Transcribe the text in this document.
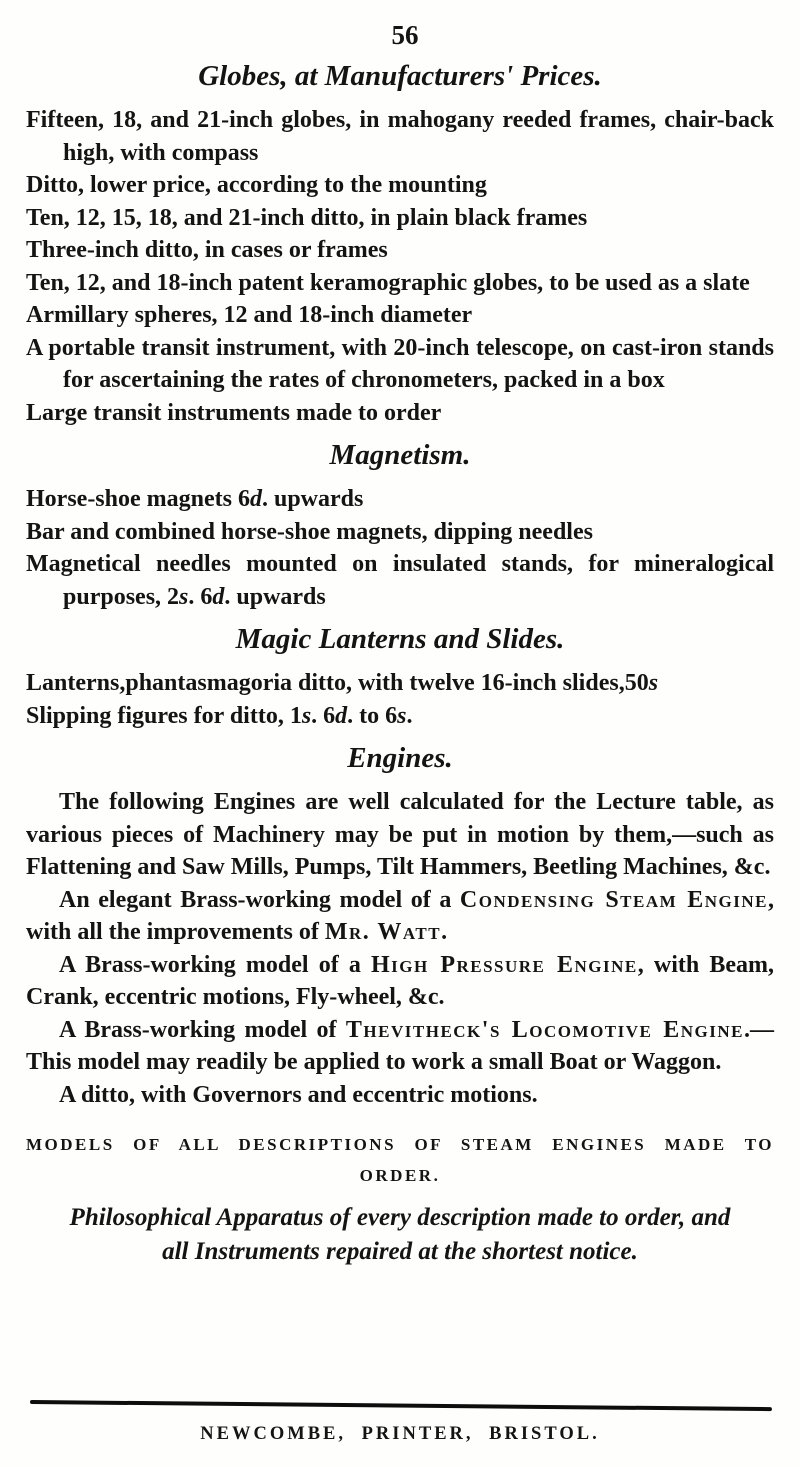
56
Globes, at Manufacturers' Prices.
Fifteen, 18, and 21-inch globes, in mahogany reeded frames, chair-back high, with compass
Ditto, lower price, according to the mounting
Ten, 12, 15, 18, and 21-inch ditto, in plain black frames
Three-inch ditto, in cases or frames
Ten, 12, and 18-inch patent keramographic globes, to be used as a slate
Armillary spheres, 12 and 18-inch diameter
A portable transit instrument, with 20-inch telescope, on cast-iron stands for ascertaining the rates of chronometers, packed in a box
Large transit instruments made to order
Magnetism.
Horse-shoe magnets 6d. upwards
Bar and combined horse-shoe magnets, dipping needles
Magnetical needles mounted on insulated stands, for mineralogical purposes, 2s. 6d. upwards
Magic Lanterns and Slides.
Lanterns,phantasmagoria ditto, with twelve 16-inch slides,50s
Slipping figures for ditto, 1s. 6d. to 6s.
Engines.

The following Engines are well calculated for the Lecture table, as various pieces of Machinery may be put in motion by them,—such as Flattening and Saw Mills, Pumps, Tilt Hammers, Beetling Machines, &c.

An elegant Brass-working model of a Condensing Steam Engine, with all the improvements of Mr. Watt.

A Brass-working model of a High Pressure Engine, with Beam, Crank, eccentric motions, Fly-wheel, &c.

A Brass-working model of Thevitheck's Locomotive Engine.—This model may readily be applied to work a small Boat or Waggon.

A ditto, with Governors and eccentric motions.

MODELS OF ALL DESCRIPTIONS OF STEAM ENGINES MADE TO
ORDER.
Philosophical Apparatus of every description made to order, and
all Instruments repaired at the shortest notice.
NEWCOMBE, PRINTER, BRISTOL.
